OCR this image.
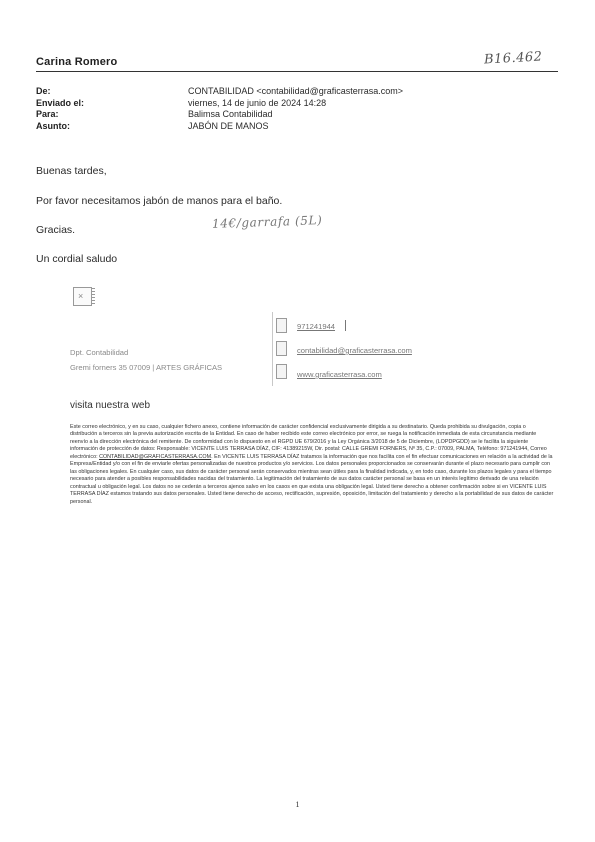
Carina Romero	B16.462
De:	CONTABILIDAD <contabilidad@graficasterrasa.com>
Enviado el:	viernes, 14 de junio de 2024 14:28
Para:	Balimsa Contabilidad
Asunto:	JABÓN DE MANOS
Buenas tardes,
Por favor necesitamos jabón de manos para el baño.
Gracias.	14€/garrafa (5L)
Un cordial saludo
×
Dpt. Contabilidad
Gremi forners 35 07009 | ARTES GRÁFICAS
971241944
contabilidad@graficasterrasa.com
www.graficasterrasa.com
visita nuestra web
Este correo electrónico, y en su caso, cualquier fichero anexo, contiene información de carácter confidencial exclusivamente dirigida a su destinatario. Queda prohibida su divulgación, copia o distribución a terceros sin la previa autorización escrita de la Entidad. En caso de haber recibido este correo electrónico por error, se ruega la notificación inmediata de esta circunstancia mediante reenvío a la dirección electrónica del remitente. De conformidad con lo dispuesto en el RGPD UE 679/2016 y la Ley Orgánica 3/2018 de 5 de Diciembre, (LOPDPGDD) se le facilita la siguiente información de protección de datos: Responsable: VICENTE LUIS TERRASA DÍAZ, CIF: 41389215W, Dir. postal: CALLE GREMI FORNERS, Nº 35, C.P.: 07009, PALMA, Teléfono: 971241944, Correo electrónico: CONTABILIDAD@GRAFICASTERRASA.COM. En VICENTE LUIS TERRASA DÍAZ tratamos la información que nos facilita con el fin efectuar comunicaciones en relación a la actividad de la Empresa/Entidad y/o con el fin de enviarle ofertas personalizadas de nuestros productos y/o servicios. Los datos personales proporcionados se conservarán durante el plazo necesario para cumplir con las obligaciones legales. En cualquier caso, sus datos de carácter personal serán conservados mientras sean útiles para la finalidad indicada, y, en todo caso, durante los plazos legales y para el tiempo necesario para atender a posibles responsabilidades nacidas del tratamiento. La legitimación del tratamiento de sus datos carácter personal se basa en un interés legítimo derivado de una relación contractual u obligación legal. Los datos no se cederán a terceros ajenos salvo en los casos en que exista una obligación legal. Usted tiene derecho a obtener confirmación sobre si en VICENTE LUIS TERRASA DÍAZ estamos tratando sus datos personales. Usted tiene derecho de acceso, rectificación, supresión, oposición, limitación del tratamiento y derecho a la portabilidad de sus datos de carácter personal.
1
